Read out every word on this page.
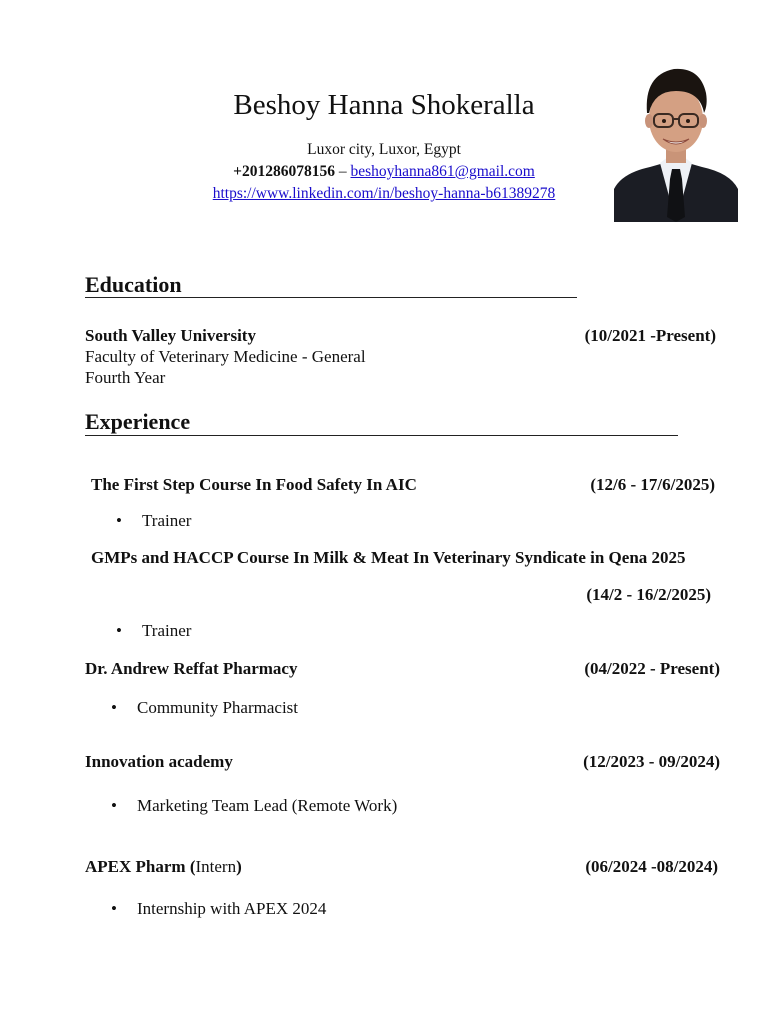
Beshoy Hanna Shokeralla
Luxor city, Luxor, Egypt
+201286078156 – beshoyhanna861@gmail.com
https://www.linkedin.com/in/beshoy-hanna-b61389278
Education
South Valley University	(10/2021 -Present)
Faculty of Veterinary Medicine - General
Fourth Year
Experience
The First Step Course In Food Safety In AIC	(12/6 - 17/6/2025)
• Trainer
GMPs and HACCP Course In Milk & Meat In Veterinary Syndicate in Qena 2025
(14/2 - 16/2/2025)
• Trainer
Dr. Andrew Reffat Pharmacy	(04/2022 - Present)
• Community Pharmacist
Innovation academy	(12/2023 - 09/2024)
• Marketing Team Lead (Remote Work)
APEX Pharm (Intern)	(06/2024 -08/2024)
• Internship with APEX 2024
